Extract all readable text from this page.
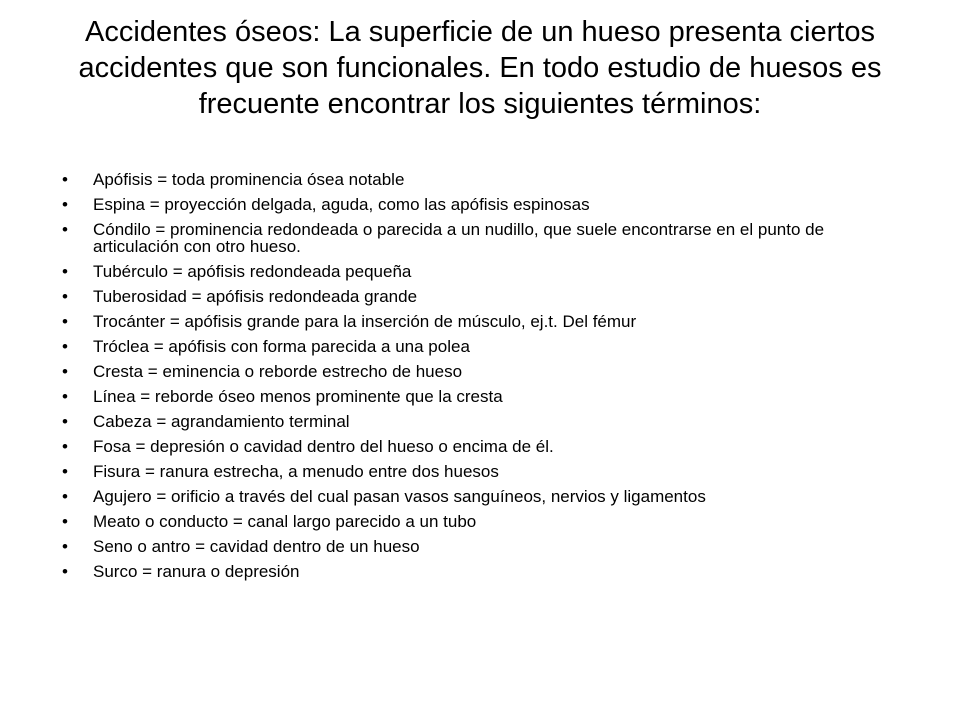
Accidentes óseos: La superficie de un hueso presenta ciertos accidentes que son funcionales. En todo estudio de huesos es frecuente encontrar los siguientes términos:
•	Apófisis = toda prominencia ósea notable
•	Espina = proyección delgada, aguda, como las apófisis espinosas
•	Cóndilo = prominencia redondeada o parecida a un nudillo, que suele encontrarse en el punto de articulación con otro hueso.
•	Tubérculo = apófisis redondeada pequeña
•	Tuberosidad = apófisis redondeada grande
•	Trocánter = apófisis grande para la inserción de músculo, ej.t. Del fémur
•	Tróclea = apófisis con forma parecida a una polea
•	Cresta = eminencia o reborde estrecho de hueso
•	Línea = reborde óseo menos prominente que la cresta
•	Cabeza = agrandamiento terminal
•	Fosa = depresión o cavidad dentro del hueso o encima de él.
•	Fisura = ranura estrecha, a menudo entre dos huesos
•	Agujero = orificio a través del cual pasan vasos sanguíneos, nervios y ligamentos
•	Meato o conducto = canal largo parecido a un tubo
•	Seno o antro = cavidad dentro de un hueso
•	Surco = ranura o depresión
